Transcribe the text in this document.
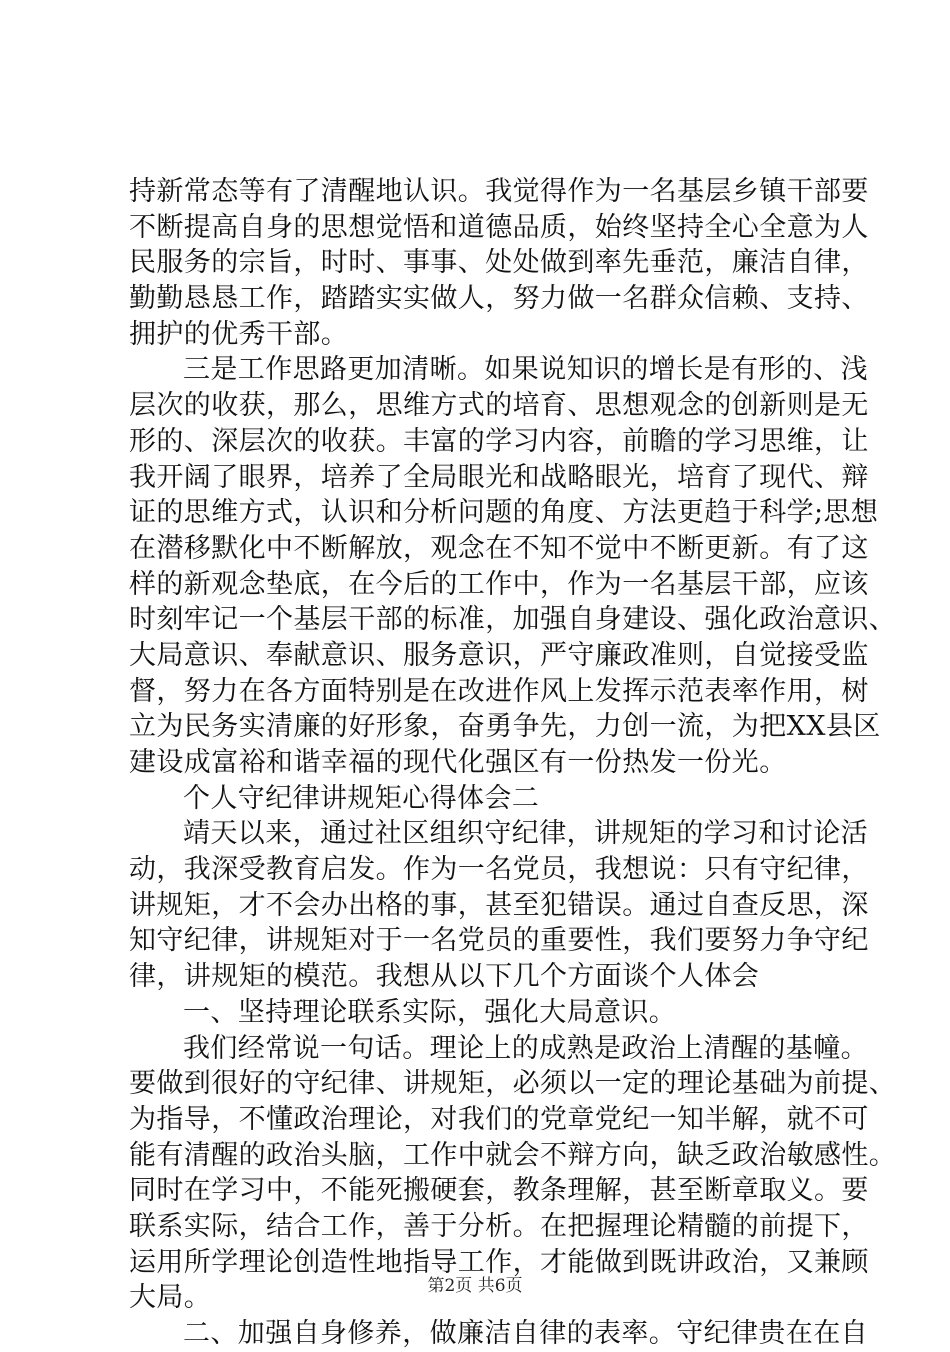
持新常态等有了清醒地认识。我觉得作为一名基层乡镇干部要
不断提高自身的思想觉悟和道德品质，始终坚持全心全意为人
民服务的宗旨，时时、事事、处处做到率先垂范，廉洁自律，
勤勤恳恳工作，踏踏实实做人，努力做一名群众信赖、支持、
拥护的优秀干部。
三是工作思路更加清晰。如果说知识的增长是有形的、浅
层次的收获，那么，思维方式的培育、思想观念的创新则是无
形的、深层次的收获。丰富的学习内容，前瞻的学习思维，让
我开阔了眼界，培养了全局眼光和战略眼光，培育了现代、辩
证的思维方式，认识和分析问题的角度、方法更趋于科学;思想
在潜移默化中不断解放，观念在不知不觉中不断更新。有了这
样的新观念垫底，在今后的工作中，作为一名基层干部，应该
时刻牢记一个基层干部的标准，加强自身建设、强化政治意识、
大局意识、奉献意识、服务意识，严守廉政准则，自觉接受监
督，努力在各方面特别是在改进作风上发挥示范表率作用，树
立为民务实清廉的好形象，奋勇争先，力创一流，为把XX县区
建设成富裕和谐幸福的现代化强区有一份热发一份光。
个人守纪律讲规矩心得体会二
靖天以来，通过社区组织守纪律，讲规矩的学习和讨论活
动，我深受教育启发。作为一名党员，我想说：只有守纪律，
讲规矩，才不会办出格的事，甚至犯错误。通过自查反思，深
知守纪律，讲规矩对于一名党员的重要性，我们要努力争守纪
律，讲规矩的模范。我想从以下几个方面谈个人体会
一、坚持理论联系实际，强化大局意识。
我们经常说一句话。理论上的成熟是政治上清醒的基幢。
要做到很好的守纪律、讲规矩，必须以一定的理论基础为前提、
为指导，不懂政治理论，对我们的党章党纪一知半解，就不可
能有清醒的政治头脑，工作中就会不辩方向，缺乏政治敏感性。
同时在学习中，不能死搬硬套，教条理解，甚至断章取义。要
联系实际，结合工作，善于分析。在把握理论精髓的前提下，
运用所学理论创造性地指导工作，才能做到既讲政治，又兼顾
大局。
二、加强自身修养，做廉洁自律的表率。守纪律贵在在自
第2页 共6页
